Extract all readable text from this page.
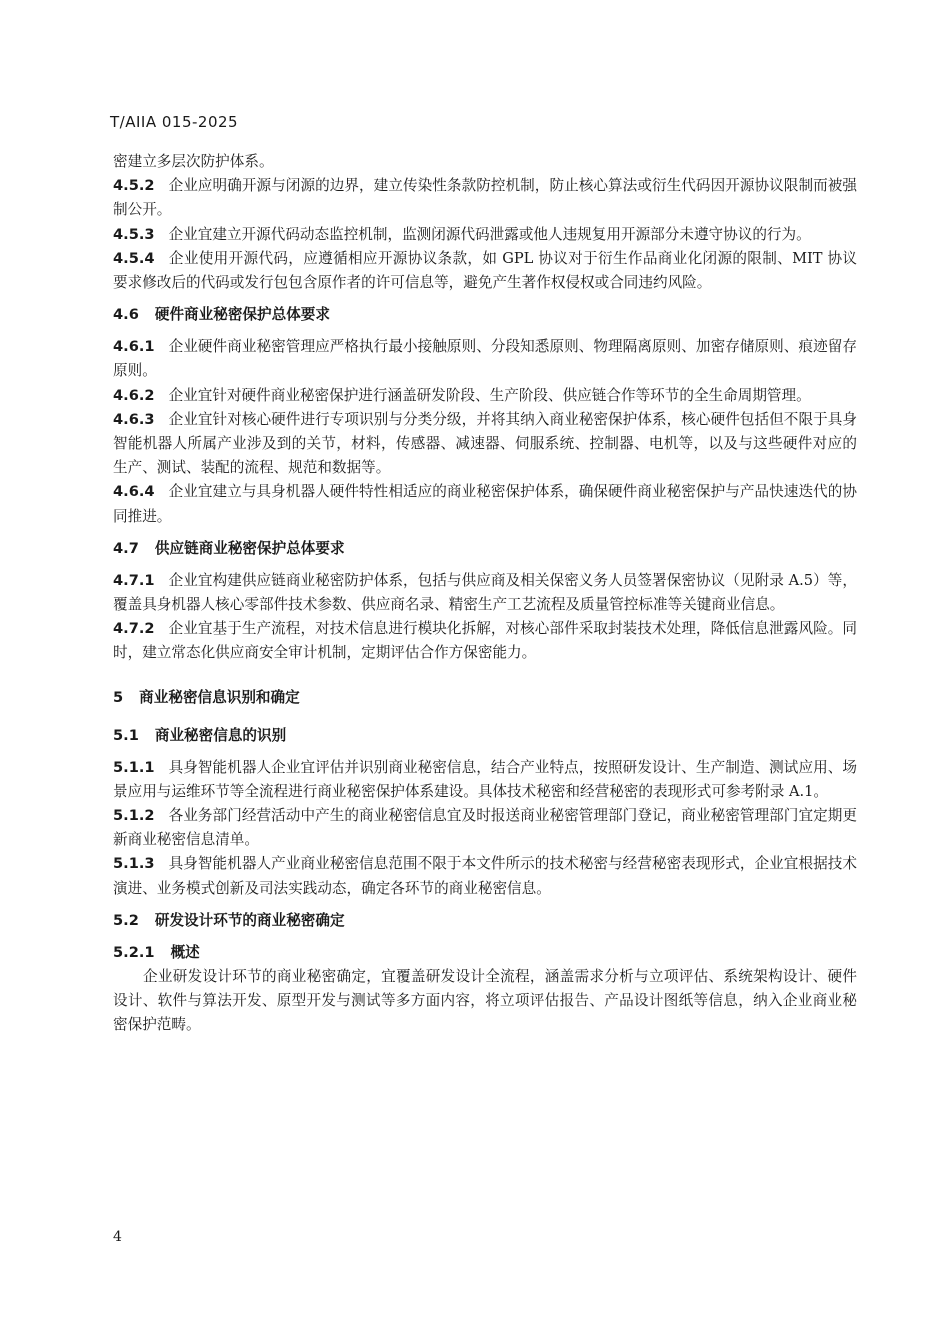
T/AIIA 015-2025

密建立多层次防护体系。

4.5.2 企业应明确开源与闭源的边界，建立传染性条款防控机制，防止核心算法或衍生代码因开源协议限制而被强制公开。

4.5.3 企业宜建立开源代码动态监控机制，监测闭源代码泄露或他人违规复用开源部分未遵守协议的行为。

4.5.4 企业使用开源代码，应遵循相应开源协议条款，如 GPL 协议对于衍生作品商业化闭源的限制、MIT 协议要求修改后的代码或发行包包含原作者的许可信息等，避免产生著作权侵权或合同违约风险。

4.6 硬件商业秘密保护总体要求

4.6.1 企业硬件商业秘密管理应严格执行最小接触原则、分段知悉原则、物理隔离原则、加密存储原则、痕迹留存原则。

4.6.2 企业宜针对硬件商业秘密保护进行涵盖研发阶段、生产阶段、供应链合作等环节的全生命周期管理。

4.6.3 企业宜针对核心硬件进行专项识别与分类分级，并将其纳入商业秘密保护体系，核心硬件包括但不限于具身智能机器人所属产业涉及到的关节，材料，传感器、减速器、伺服系统、控制器、电机等，以及与这些硬件对应的生产、测试、装配的流程、规范和数据等。

4.6.4 企业宜建立与具身机器人硬件特性相适应的商业秘密保护体系，确保硬件商业秘密保护与产品快速迭代的协同推进。

4.7 供应链商业秘密保护总体要求

4.7.1 企业宜构建供应链商业秘密防护体系，包括与供应商及相关保密义务人员签署保密协议（见附录 A.5）等，覆盖具身机器人核心零部件技术参数、供应商名录、精密生产工艺流程及质量管控标准等关键商业信息。

4.7.2 企业宜基于生产流程，对技术信息进行模块化拆解，对核心部件采取封装技术处理，降低信息泄露风险。同时，建立常态化供应商安全审计机制，定期评估合作方保密能力。

5 商业秘密信息识别和确定

5.1 商业秘密信息的识别

5.1.1 具身智能机器人企业宜评估并识别商业秘密信息，结合产业特点，按照研发设计、生产制造、测试应用、场景应用与运维环节等全流程进行商业秘密保护体系建设。具体技术秘密和经营秘密的表现形式可参考附录 A.1。

5.1.2 各业务部门经营活动中产生的商业秘密信息宜及时报送商业秘密管理部门登记，商业秘密管理部门宜定期更新商业秘密信息清单。

5.1.3 具身智能机器人产业商业秘密信息范围不限于本文件所示的技术秘密与经营秘密表现形式，企业宜根据技术演进、业务模式创新及司法实践动态，确定各环节的商业秘密信息。

5.2 研发设计环节的商业秘密确定

5.2.1 概述

企业研发设计环节的商业秘密确定，宜覆盖研发设计全流程，涵盖需求分析与立项评估、系统架构设计、硬件设计、软件与算法开发、原型开发与测试等多方面内容，将立项评估报告、产品设计图纸等信息，纳入企业商业秘密保护范畴。

4
